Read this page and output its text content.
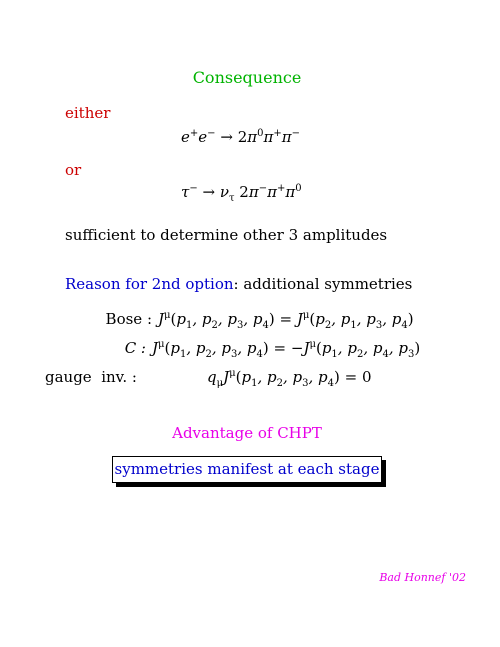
Consequence
either
$e^+e^- \to 2\pi^0\pi^+\pi^-$
or
$\tau^- \to \nu_\tau$ $2\pi^-\pi^+\pi^0$
sufficient to determine other 3 amplitudes
Reason for 2nd option: additional symmetries
Bose : $J^\mu(p_1$, $p_2$, $p_3$, $p_4) = J^\mu(p_2$, $p_1$, $p_3$, $p_4$)
C : $J^\mu(p_1$, $p_2$, $p_3$, $p_4) = -J^\mu(p_1$, $p_2$, $p_4$, $p_3$)
gauge  inv. :	$q_\mu J^\mu(p_1$, $p_2$, $p_3$, $p_4) = 0$
Advantage of CHPT
symmetries manifest at each stage
Bad Honnef '02
